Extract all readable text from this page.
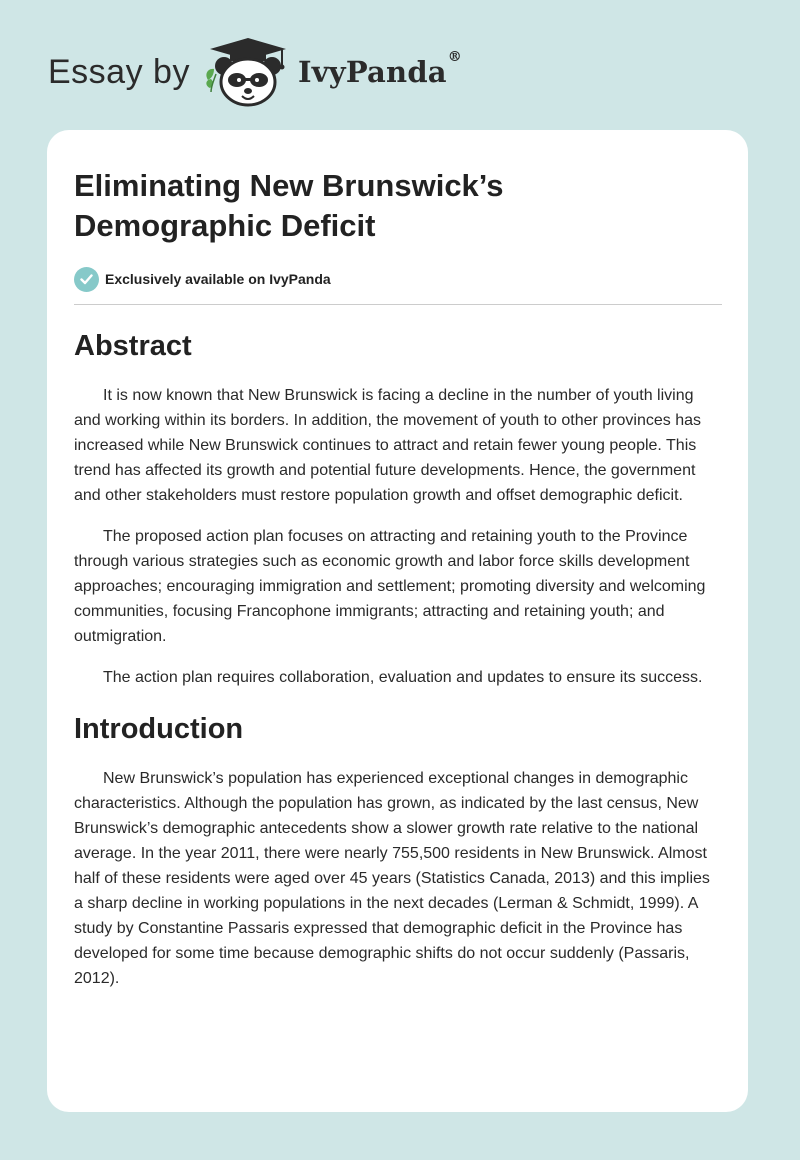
Essay by	IvyPanda®
Eliminating New Brunswick’s Demographic Deficit
Exclusively available on IvyPanda
Abstract

It is now known that New Brunswick is facing a decline in the number of youth living and working within its borders. In addition, the movement of youth to other provinces has increased while New Brunswick continues to attract and retain fewer young people. This trend has affected its growth and potential future developments. Hence, the government and other stakeholders must restore population growth and offset demographic deficit.

The proposed action plan focuses on attracting and retaining youth to the Province through various strategies such as economic growth and labor force skills development approaches; encouraging immigration and settlement; promoting diversity and welcoming communities, focusing Francophone immigrants; attracting and retaining youth; and outmigration.

The action plan requires collaboration, evaluation and updates to ensure its success.

Introduction

New Brunswick’s population has experienced exceptional changes in demographic characteristics. Although the population has grown, as indicated by the last census, New Brunswick’s demographic antecedents show a slower growth rate relative to the national average. In the year 2011, there were nearly 755,500 residents in New Brunswick. Almost half of these residents were aged over 45 years (Statistics Canada, 2013) and this implies a sharp decline in working populations in the next decades (Lerman & Schmidt, 1999). A study by Constantine Passaris expressed that demographic deficit in the Province has developed for some time because demographic shifts do not occur suddenly (Passaris, 2012).
